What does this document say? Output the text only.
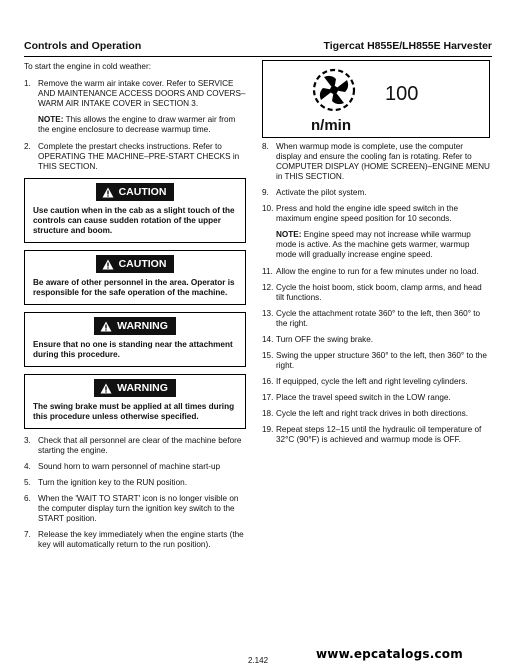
Controls and Operation	Tigercat H855E/LH855E Harvester
To start the engine in cold weather:
1. Remove the warm air intake cover. Refer to SERVICE AND MAINTENANCE ACCESS DOORS AND COVERS–WARM AIR INTAKE COVER in SECTION 3.
NOTE: This allows the engine to draw warmer air from the engine enclosure to decrease warmup time.
2. Complete the prestart checks instructions. Refer to OPERATING THE MACHINE–PRE-START CHECKS in THIS SECTION.
CAUTION
Use caution when in the cab as a slight touch of the controls can cause sudden rotation of the upper structure and boom.
CAUTION
Be aware of other personnel in the area. Operator is responsible for the safe operation of the machine.
WARNING
Ensure that no one is standing near the attachment during this procedure.
WARNING
The swing brake must be applied at all times during this procedure unless otherwise specified.
3. Check that all personnel are clear of the machine before starting the engine.
4. Sound horn to warn personnel of machine start-up
5. Turn the ignition key to the RUN position.
6. When the 'WAIT TO START' icon is no longer visible on the computer display turn the ignition key switch to the START position.
7. Release the key immediately when the engine starts (the key will automatically return to the run position).
100
n/min
8. When warmup mode is complete, use the computer display and ensure the cooling fan is rotating. Refer to COMPUTER DISPLAY (HOME SCREEN)–ENGINE MENU in THIS SECTION.
9. Activate the pilot system.
10. Press and hold the engine idle speed switch in the maximum engine speed position for 10 seconds.
NOTE: Engine speed may not increase while warmup mode is active. As the machine gets warmer, warmup mode will gradually increase engine speed.
11. Allow the engine to run for a few minutes under no load.
12. Cycle the hoist boom, stick boom, clamp arms, and head tilt functions.
13. Cycle the attachment rotate 360° to the left, then 360° to the right.
14. Turn OFF the swing brake.
15. Swing the upper structure 360° to the left, then 360° to the right.
16. If equipped, cycle the left and right leveling cylinders.
17. Place the travel speed switch in the LOW range.
18. Cycle the left and right track drives in both directions.
19. Repeat steps 12–15 until the hydraulic oil temperature of 32°C (90°F) is achieved and warmup mode is OFF.
2.142	www.epcatalogs.com
